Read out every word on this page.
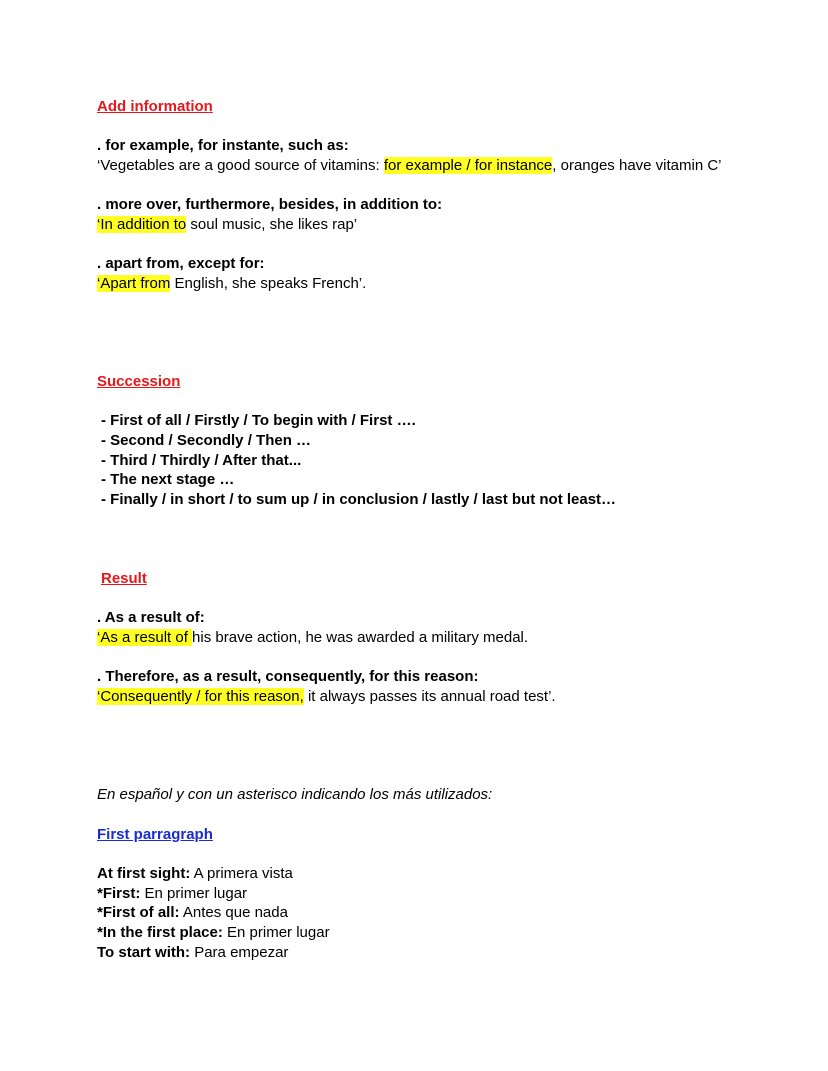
Add information
. for example, for instante, such as:
‘Vegetables are a good source of vitamins: for example / for instance, oranges have vitamin C’
. more over, furthermore, besides, in addition to:
‘In addition to soul music, she likes rap’
. apart from, except for:
‘Apart from English, she speaks French’.
Succession
- First of all / Firstly / To begin with / First ….
- Second / Secondly / Then …
- Third / Thirdly / After that...
- The next stage …
- Finally / in short / to sum up / in conclusion / lastly / last but not least…
Result
. As a result of:
‘As a result of his brave action, he was awarded a military medal.
. Therefore, as a result, consequently, for this reason:
‘Consequently / for this reason, it always passes its annual road test’.
En español y con un asterisco indicando los más utilizados:
First parragraph
At first sight: A primera vista
*First: En primer lugar
*First of all: Antes que nada
*In the first place: En primer lugar
To start with: Para empezar
